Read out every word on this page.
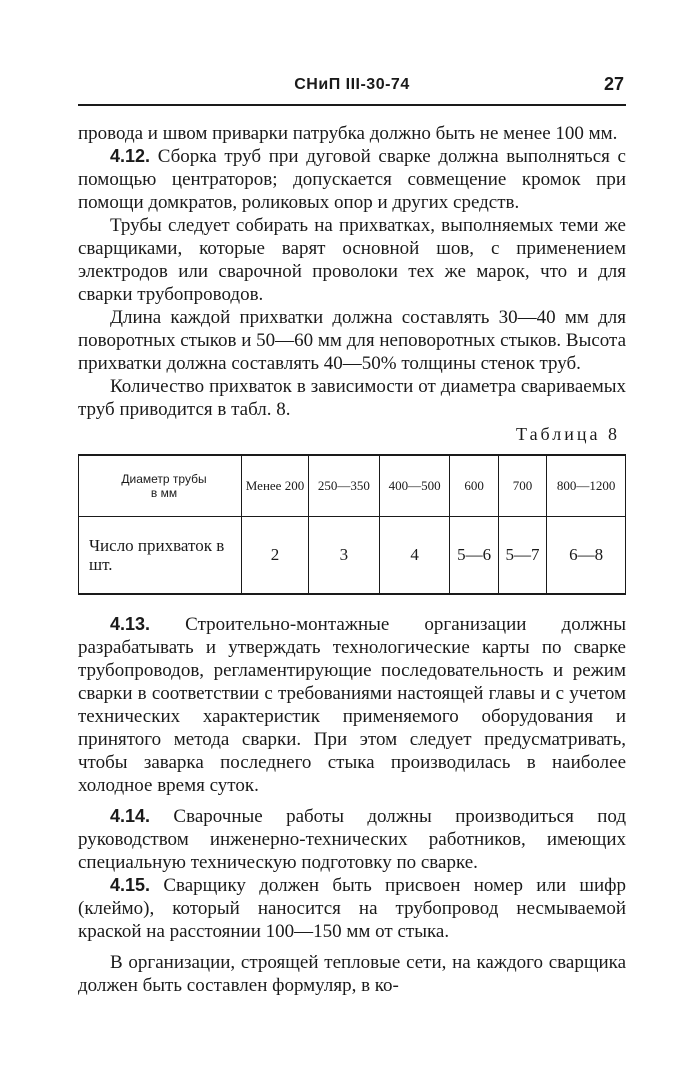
СНиП III-30-74	27

провода и швом приварки патрубка должно быть не менее 100 мм.

4.12. Сборка труб при дуговой сварке должна выполняться с помощью центраторов; допускается совмещение кромок при помощи домкратов, роликовых опор и других средств.

Трубы следует собирать на прихватках, выполняемых теми же сварщиками, которые варят основной шов, с применением электродов или сварочной проволоки тех же марок, что и для сварки трубопроводов.

Длина каждой прихватки должна составлять 30—40 мм для поворотных стыков и 50—60 мм для неповоротных стыков. Высота прихватки должна составлять 40—50% толщины стенок труб.

Количество прихваток в зависимости от диаметра свариваемых труб приводится в табл. 8.

Таблица 8
Диаметр трубы
в мм	Менее 200	250—350	400—500	600	700	800—1200
Число прихваток в шт.	2	3	4	5—6	5—7	6—8

4.13. Строительно-монтажные организации должны разрабатывать и утверждать технологические карты по сварке трубопроводов, регламентирующие последовательность и режим сварки в соответствии с требованиями настоящей главы и с учетом технических характеристик применяемого оборудования и принятого метода сварки. При этом следует предусматривать, чтобы заварка последнего стыка производилась в наиболее холодное время суток.

4.14. Сварочные работы должны производиться под руководством инженерно-технических работников, имеющих специальную техническую подготовку по сварке.

4.15. Сварщику должен быть присвоен номер или шифр (клеймо), который наносится на трубопровод несмываемой краской на расстоянии 100—150 мм от стыка.

В организации, строящей тепловые сети, на каждого сварщика должен быть составлен формуляр, в ко-
